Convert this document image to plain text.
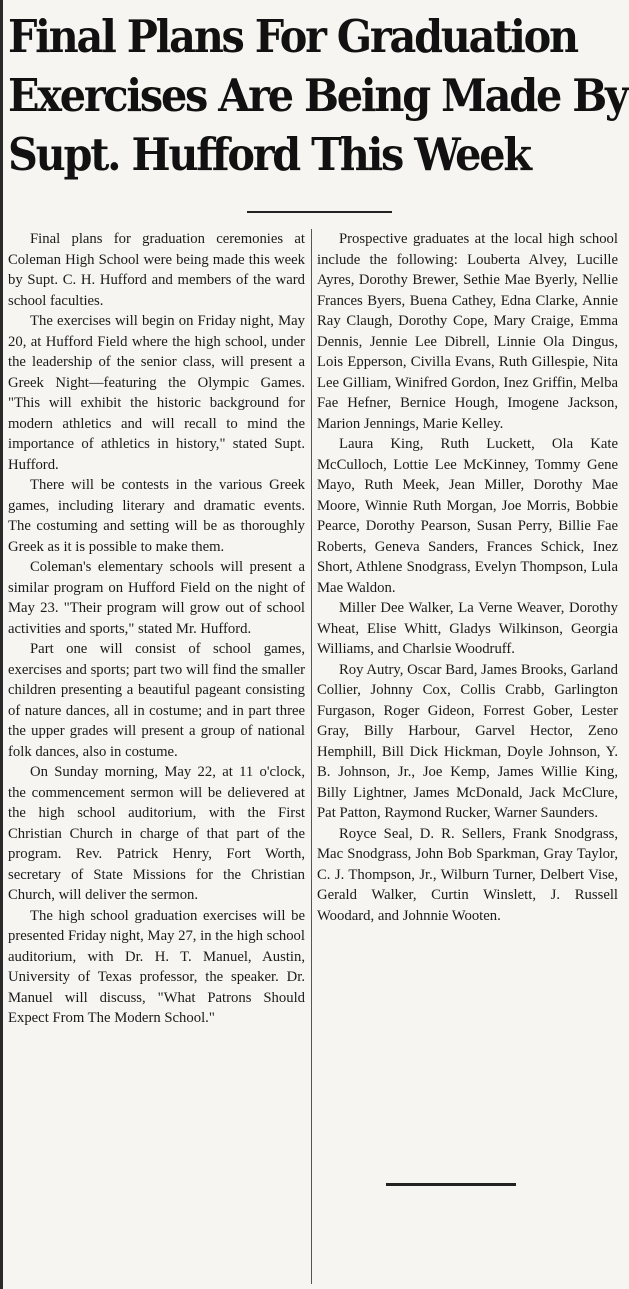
Final Plans For Graduation
Exercises Are Being Made By
Supt. Hufford This Week

Final plans for graduation ceremonies at Coleman High School were being made this week by Supt. C. H. Hufford and members of the ward school faculties.

The exercises will begin on Friday night, May 20, at Hufford Field where the high school, under the leadership of the senior class, will present a Greek Night—featuring the Olympic Games. "This will exhibit the historic background for modern athletics and will recall to mind the importance of athletics in history," stated Supt. Hufford.

There will be contests in the various Greek games, including literary and dramatic events. The costuming and setting will be as thoroughly Greek as it is possible to make them.

Coleman's elementary schools will present a similar program on Hufford Field on the night of May 23. "Their program will grow out of school activities and sports," stated Mr. Hufford.

Part one will consist of school games, exercises and sports; part two will find the smaller children presenting a beautiful pageant consisting of nature dances, all in costume; and in part three the upper grades will present a group of national folk dances, also in costume.

On Sunday morning, May 22, at 11 o'clock, the commencement sermon will be delievered at the high school auditorium, with the First Christian Church in charge of that part of the program. Rev. Patrick Henry, Fort Worth, secretary of State Missions for the Christian Church, will deliver the sermon.

The high school graduation exercises will be presented Friday night, May 27, in the high school auditorium, with Dr. H. T. Manuel, Austin, University of Texas professor, the speaker. Dr. Manuel will discuss, "What Patrons Should Expect From The Modern School."

Prospective graduates at the local high school include the following: Louberta Alvey, Lucille Ayres, Dorothy Brewer, Sethie Mae Byerly, Nellie Frances Byers, Buena Cathey, Edna Clarke, Annie Ray Claugh, Dorothy Cope, Mary Craige, Emma Dennis, Jennie Lee Dibrell, Linnie Ola Dingus, Lois Epperson, Civilla Evans, Ruth Gillespie, Nita Lee Gilliam, Winifred Gordon, Inez Griffin, Melba Fae Hefner, Bernice Hough, Imogene Jackson, Marion Jennings, Marie Kelley.

Laura King, Ruth Luckett, Ola Kate McCulloch, Lottie Lee McKinney, Tommy Gene Mayo, Ruth Meek, Jean Miller, Dorothy Mae Moore, Winnie Ruth Morgan, Joe Morris, Bobbie Pearce, Dorothy Pearson, Susan Perry, Billie Fae Roberts, Geneva Sanders, Frances Schick, Inez Short, Athlene Snodgrass, Evelyn Thompson, Lula Mae Waldon.

Miller Dee Walker, La Verne Weaver, Dorothy Wheat, Elise Whitt, Gladys Wilkinson, Georgia Williams, and Charlsie Woodruff.

Roy Autry, Oscar Bard, James Brooks, Garland Collier, Johnny Cox, Collis Crabb, Garlington Furgason, Roger Gideon, Forrest Gober, Lester Gray, Billy Harbour, Garvel Hector, Zeno Hemphill, Bill Dick Hickman, Doyle Johnson, Y. B. Johnson, Jr., Joe Kemp, James Willie King, Billy Lightner, James McDonald, Jack McClure, Pat Patton, Raymond Rucker, Warner Saunders.

Royce Seal, D. R. Sellers, Frank Snodgrass, Mac Snodgrass, John Bob Sparkman, Gray Taylor, C. J. Thompson, Jr., Wilburn Turner, Delbert Vise, Gerald Walker, Curtin Winslett, J. Russell Woodard, and Johnnie Wooten.
